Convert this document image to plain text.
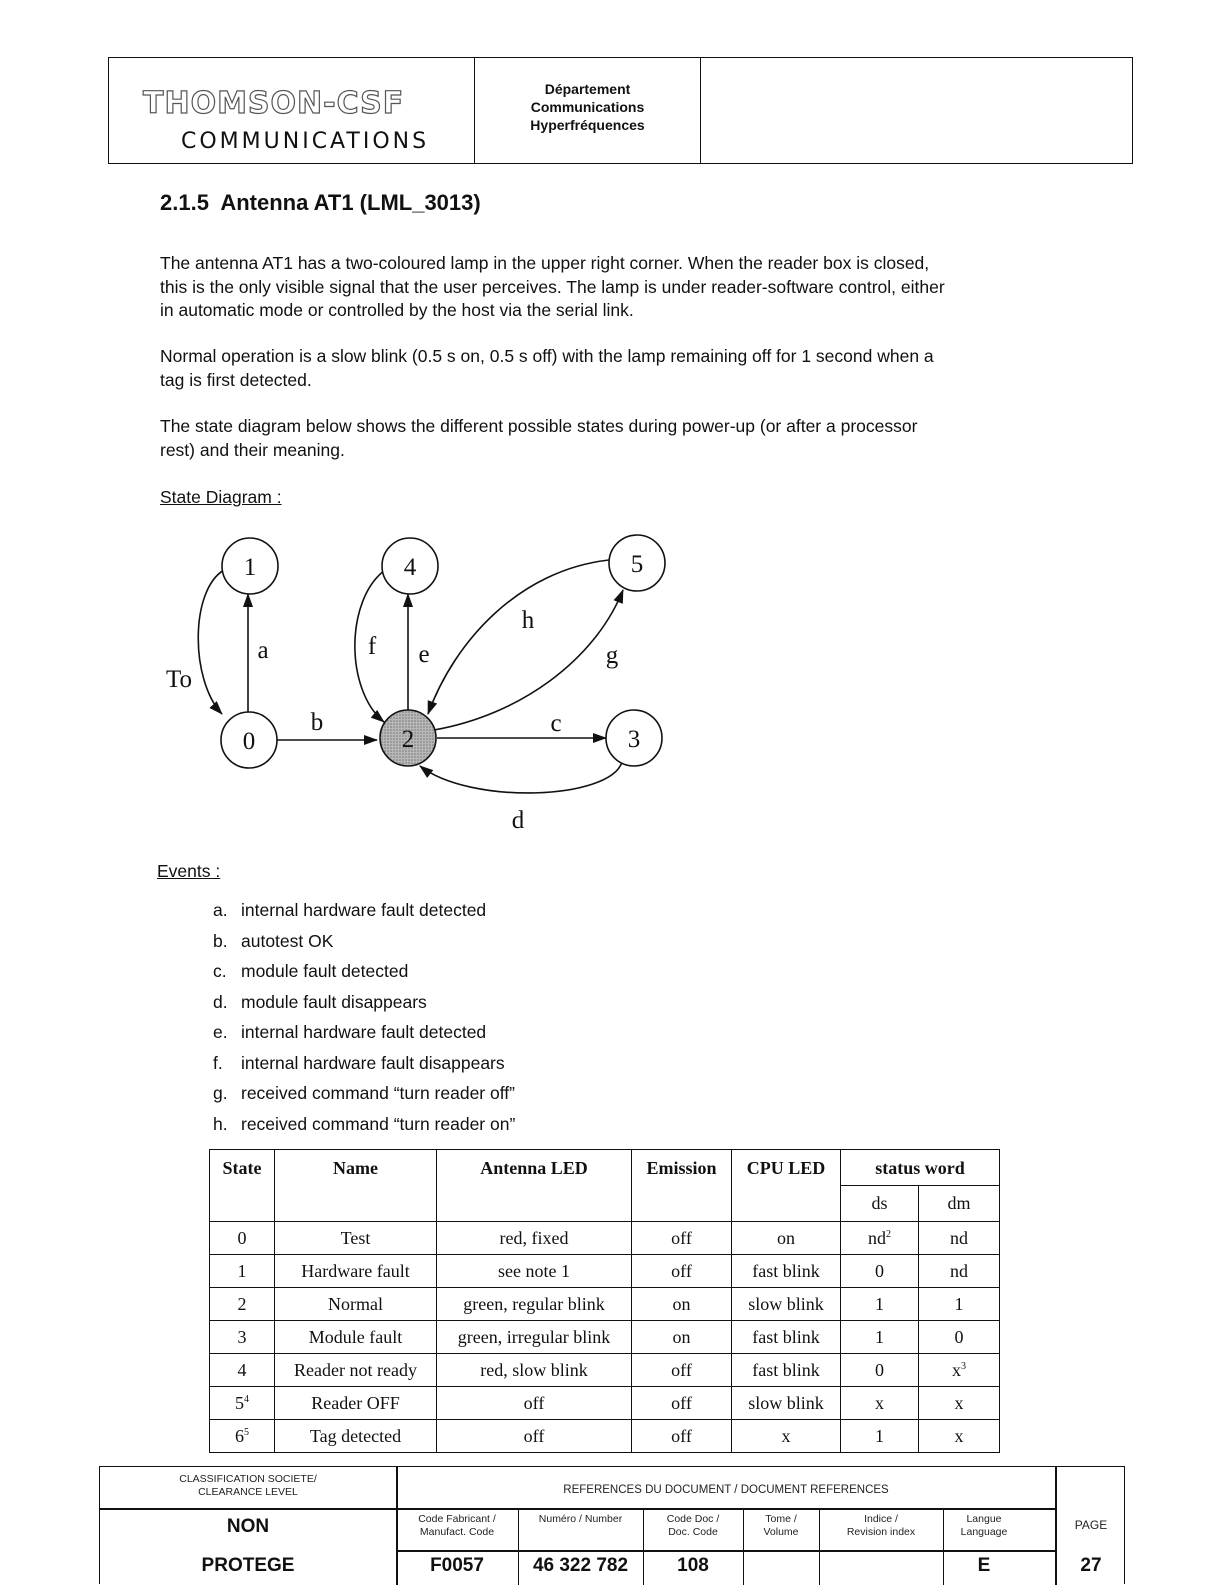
THOMSON-CSF
COMMUNICATIONS
Département
Communications
Hyperfréquences
2.1.5  Antenna AT1 (LML_3013)
The antenna AT1 has a two-coloured lamp in the upper right corner. When the reader box is closed,
this is the only visible signal that the user perceives. The lamp is under reader-software control, either
in automatic mode or controlled by the host via the serial link.
Normal operation is a slow blink (0.5 s on, 0.5 s off) with the lamp remaining off for 1 second when a
tag is first detected.
The state diagram below shows the different possible states during power-up (or after a processor
rest) and their meaning.
State Diagram :
1	4	5
0	2	3
a
To
b
f e
h
g
c
d
Events :
a. internal hardware fault detected
b. autotest OK
c. module fault detected
d. module fault disappears
e. internal hardware fault detected
f. internal hardware fault disappears
g. received command “turn reader off”
h. received command “turn reader on”
State	Name	Antenna LED	Emission	CPU LED	status word	
					ds	dm
0	Test	red, fixed	off	on	$nd^2$	nd
1	Hardware fault	see note 1	off	fast blink	0	nd
2	Normal	green, regular blink	on	slow blink	1	1
3	Module fault	green, irregular blink	on	fast blink	1	0
4	Reader not ready	red, slow blink	off	fast blink	0	$x^3$
$5^4$	Reader OFF	off	off	slow blink	x	x
$6^5$	Tag detected	off	off	x	1	x
CLASSIFICATION SOCIETE/
CLEARANCE LEVEL
NON
PROTEGE
REFERENCES DU DOCUMENT / DOCUMENT REFERENCES
Code Fabricant /
Manufact. Code
F0057
Numéro / Number
46 322 782
Code Doc /
Doc. Code
108
Tome /
Volume
Indice /
Revision index
Langue
Language
E
PAGE
27
